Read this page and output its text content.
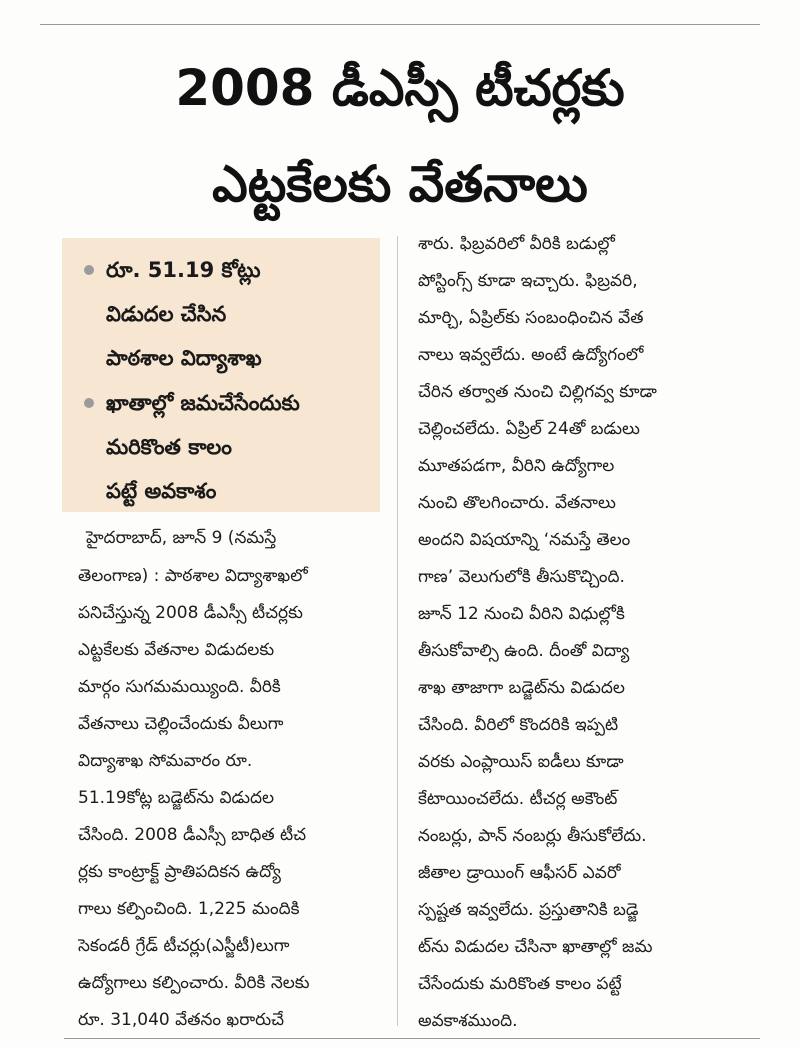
2008 డీఎస్సీ టీచర్లకు
ఎట్టకేలకు వేతనాలు
రూ. 51.19 కోట్లు
విడుదల చేసిన
పాఠశాల విద్యాశాఖ
ఖాతాల్లో జమచేసేందుకు
మరికొంత కాలం
పట్టే అవకాశం
హైదరాబాద్, జూన్ 9 (నమస్తే
తెలంగాణ) : పాఠశాల విద్యాశాఖలో
పనిచేస్తున్న 2008 డీఎస్సీ టీచర్లకు
ఎట్టకేలకు వేతనాల విడుదలకు
మార్గం సుగమమయ్యింది. వీరికి
వేతనాలు చెల్లించేందుకు వీలుగా
విద్యాశాఖ సోమవారం రూ.
51.19కోట్ల బడ్జెట్‌ను విడుదల
చేసింది. 2008 డీఎస్సీ బాధిత టీచ
ర్లకు కాంట్రాక్ట్ ప్రాతిపదికన ఉద్యో
గాలు కల్పించింది. 1,225 మందికి
సెకండరీ గ్రేడ్ టీచర్లు(ఎస్జీటీ)లుగా
ఉద్యోగాలు కల్పించారు. వీరికి నెలకు
రూ. 31,040 వేతనం ఖరారుచే
శారు. ఫిబ్రవరిలో వీరికి బడుల్లో
పోస్టింగ్స్ కూడా ఇచ్చారు. ఫిబ్రవరి,
మార్చి, ఏప్రిల్‌కు సంబంధించిన వేత
నాలు ఇవ్వలేదు. అంటే ఉద్యోగంలో
చేరిన తర్వాత నుంచి చిల్లిగవ్వ కూడా
చెల్లించలేదు. ఏప్రిల్ 24తో బడులు
మూతపడగా, వీరిని ఉద్యోగాల
నుంచి తొలగించారు. వేతనాలు
అందని విషయాన్ని ‘నమస్తే తెలం
గాణ’ వెలుగులోకి తీసుకొచ్చింది.
జూన్ 12 నుంచి వీరిని విధుల్లోకి
తీసుకోవాల్సి ఉంది. దీంతో విద్యా
శాఖ తాజాగా బడ్జెట్‌ను విడుదల
చేసింది. వీరిలో కొందరికి ఇప్పటి
వరకు ఎంప్లాయిస్ ఐడీలు కూడా
కేటాయించలేదు. టీచర్ల అకౌంట్
నంబర్లు, పాన్ నంబర్లు తీసుకోలేదు.
జీతాల డ్రాయింగ్ ఆఫీసర్ ఎవరో
స్పష్టత ఇవ్వలేదు. ప్రస్తుతానికి బడ్జె
ట్‌ను విడుదల చేసినా ఖాతాల్లో జమ
చేసేందుకు మరికొంత కాలం పట్టే
అవకాశముంది.
